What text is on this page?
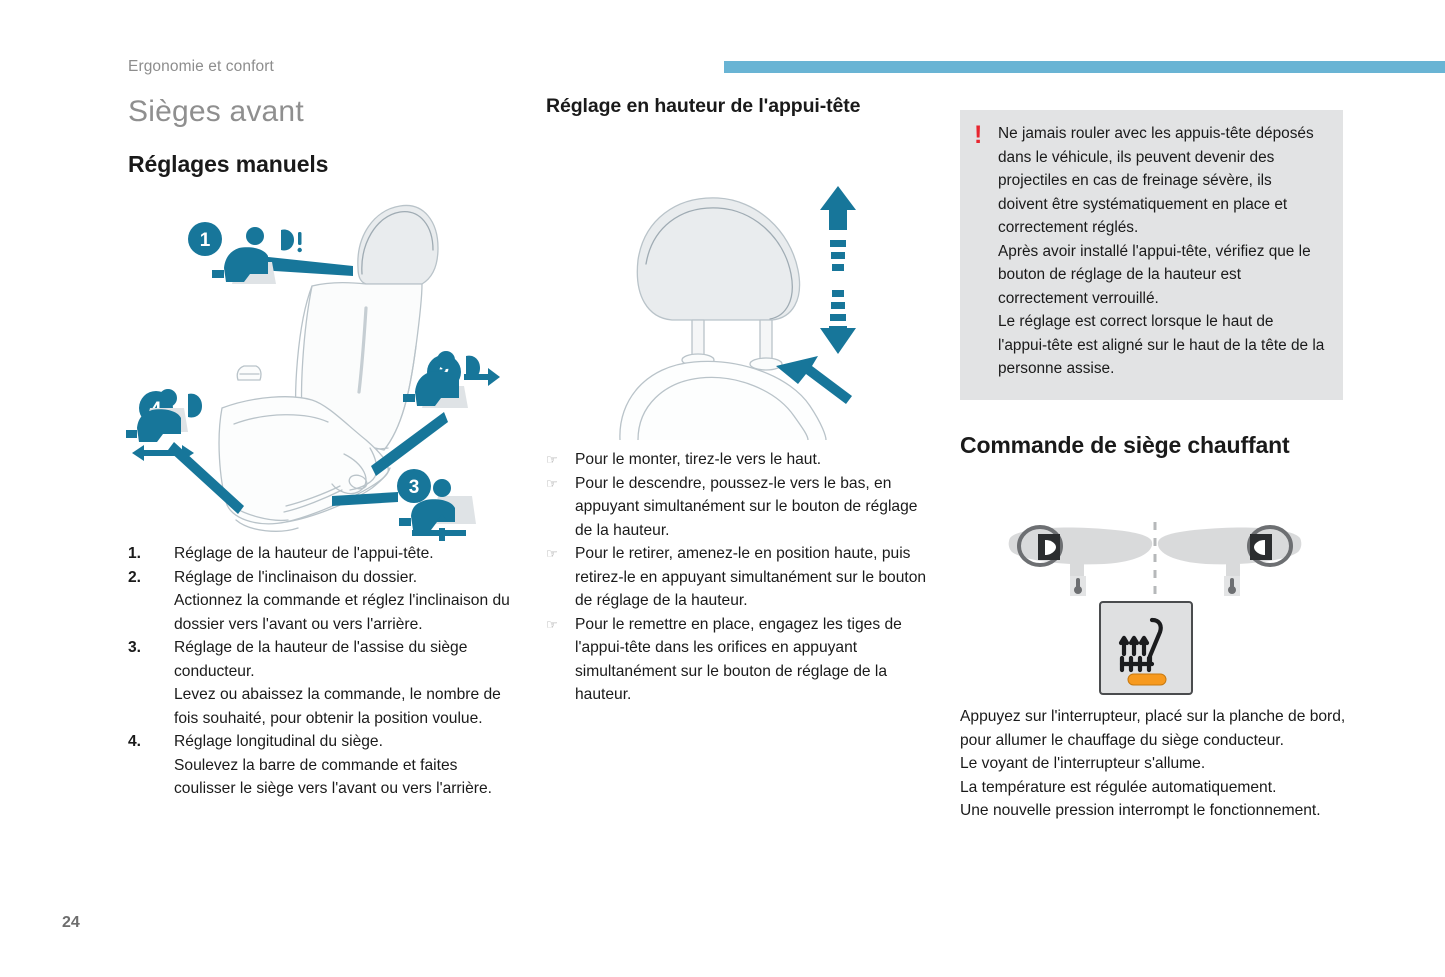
Ergonomie et confort
Sièges avant
Réglages manuels
1
3
1.	Réglage de la hauteur de l'appui-tête.
2.	Réglage de l'inclinaison du dossier.
Actionnez la commande et réglez l'inclinaison du dossier vers l'avant ou vers l'arrière.
3.	Réglage de la hauteur de l'assise du siège conducteur.
Levez ou abaissez la commande, le nombre de fois souhaité, pour obtenir la position voulue.
4.	Réglage longitudinal du siège.
Soulevez la barre de commande et faites coulisser le siège vers l'avant ou vers l'arrière.
Réglage en hauteur de l'appui-tête
☞	Pour le monter, tirez-le vers le haut.
☞	Pour le descendre, poussez-le vers le bas, en appuyant simultanément sur le bouton de réglage de la hauteur.
☞	Pour le retirer, amenez-le en position haute, puis retirez-le en appuyant simultanément sur le bouton de réglage de la hauteur.
☞	Pour le remettre en place, engagez les tiges de l'appui-tête dans les orifices en appuyant simultanément sur le bouton de réglage de la hauteur.
!	Ne jamais rouler avec les appuis-tête déposés dans le véhicule, ils peuvent devenir des projectiles en cas de freinage sévère, ils doivent être systématiquement en place et correctement réglés.

Après avoir installé l'appui-tête, vérifiez que le bouton de réglage de la hauteur est correctement verrouillé.

Le réglage est correct lorsque le haut de l'appui-tête est aligné sur le haut de la tête de la personne assise.

Commande de siège chauffant

Appuyez sur l'interrupteur, placé sur la planche de bord, pour allumer le chauffage du siège conducteur.

Le voyant de l'interrupteur s'allume.

La température est régulée automatiquement.

Une nouvelle pression interrompt le fonctionnement.

24
